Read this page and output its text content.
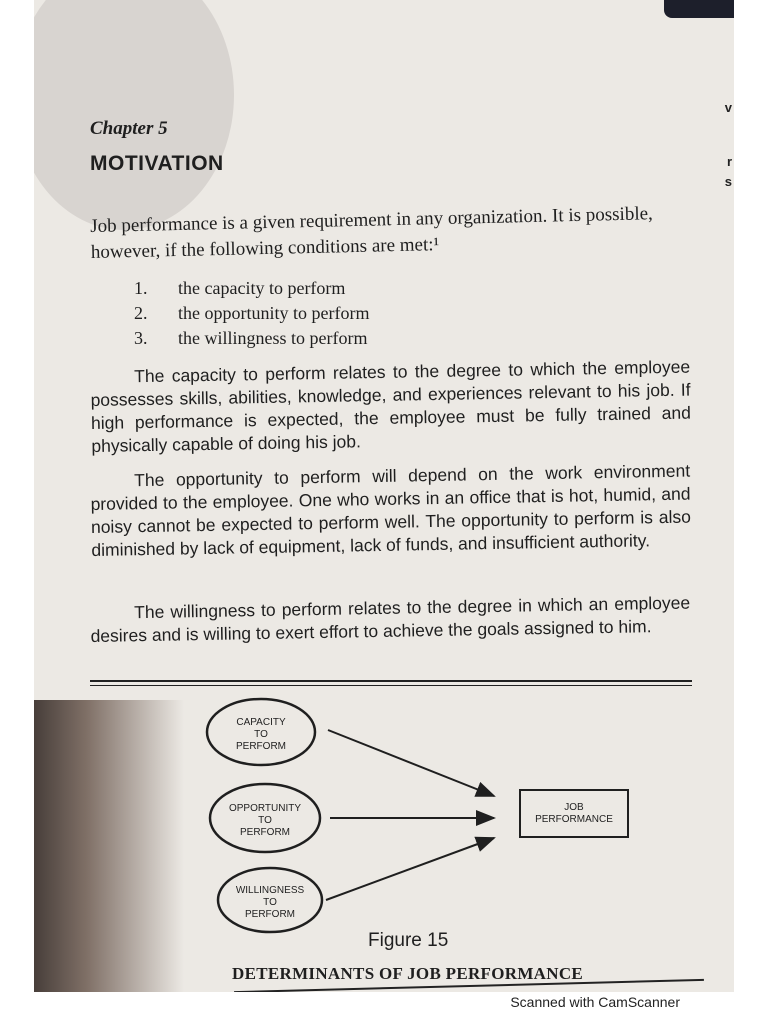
v
r
s
Chapter 5
MOTIVATION
Job performance is a given requirement in any organization. It is possible, however, if the following conditions are met:¹
1.	the capacity to perform
2.	the opportunity to perform
3.	the willingness to perform
The capacity to perform relates to the degree to which the employee possesses skills, abilities, knowledge, and experiences relevant to his job. If high performance is expected, the employee must be fully trained and physically capable of doing his job.
The opportunity to perform will depend on the work environment provided to the employee. One who works in an office that is hot, humid, and noisy cannot be expected to perform well. The opportunity to perform is also diminished by lack of equipment, lack of funds, and insufficient authority.
The willingness to perform relates to the degree in which an employee desires and is willing to exert effort to achieve the goals assigned to him.
CAPACITY
TO
PERFORM
OPPORTUNITY
TO
PERFORM
WILLINGNESS
TO
PERFORM
JOB
PERFORMANCE
Figure 15
DETERMINANTS OF JOB PERFORMANCE
Scanned with CamScanner
